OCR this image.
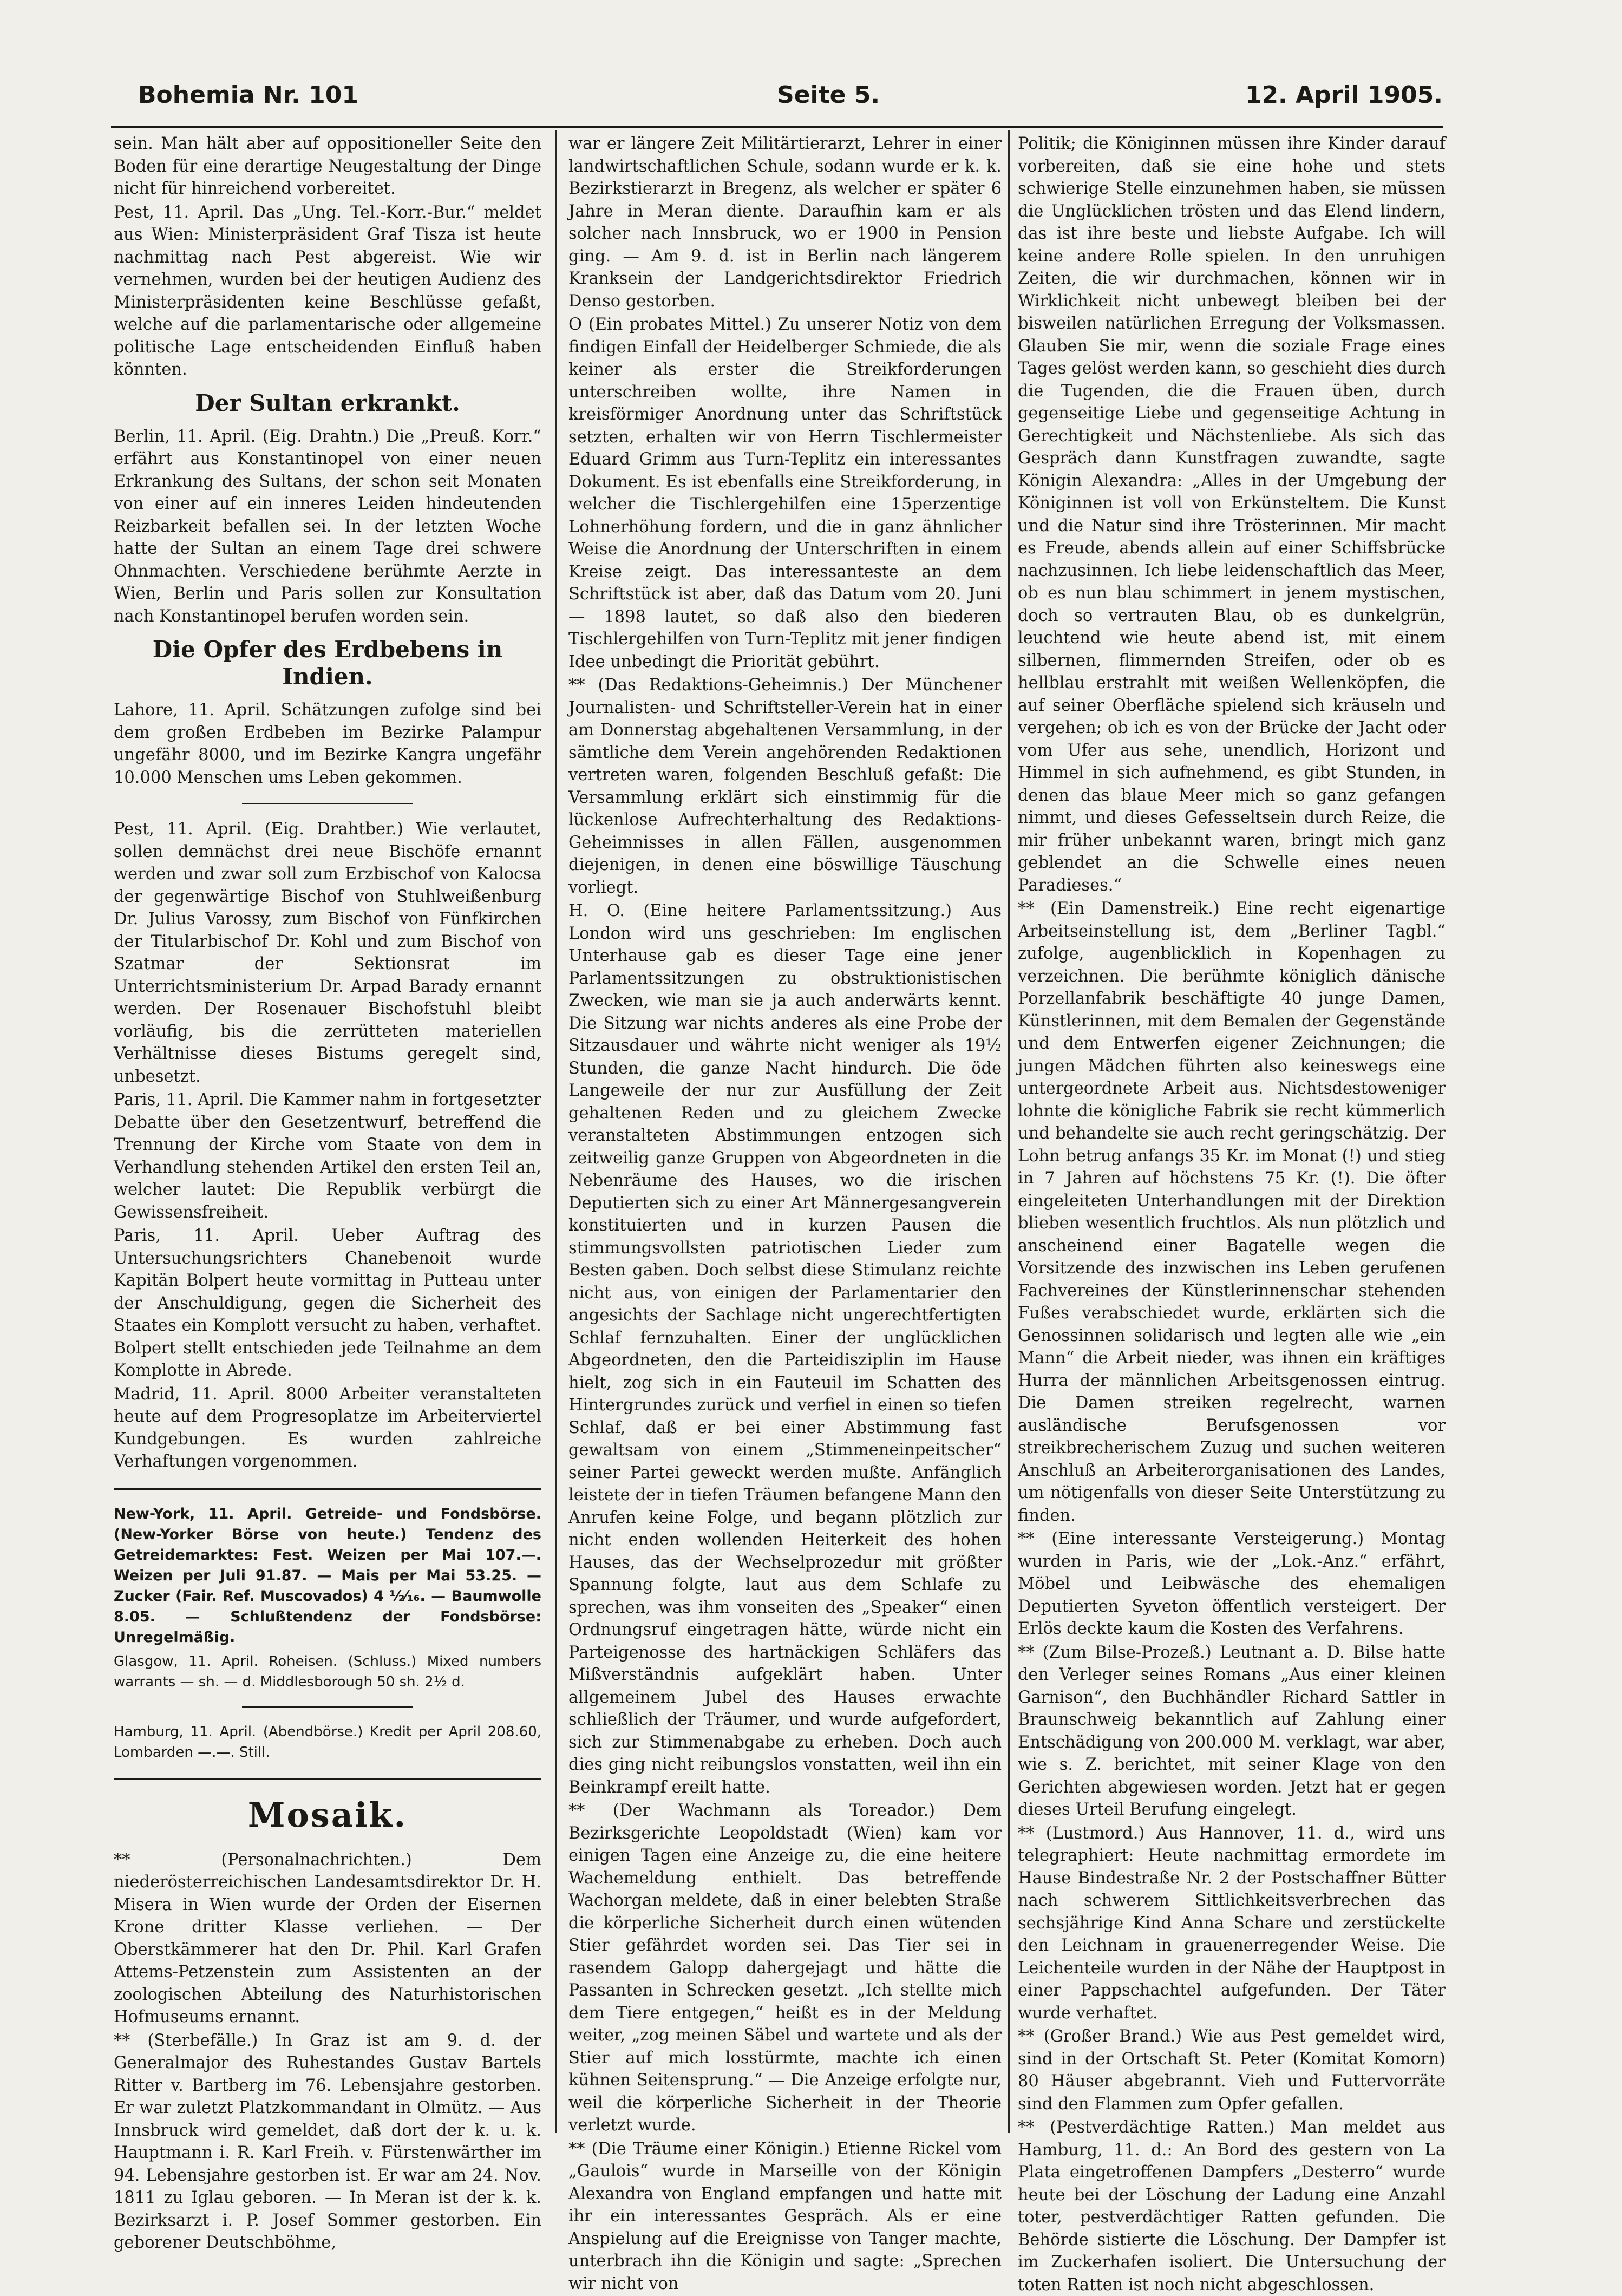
Bohemia Nr. 101	Seite 5.	12. April 1905.

sein. Man hält aber auf oppositioneller Seite den Boden für eine derartige Neugestaltung der Dinge nicht für hinreichend vorbereitet.

Pest, 11. April. Das „Ung. Tel.-Korr.-Bur.“ meldet aus Wien: Ministerpräsident Graf Tisza ist heute nachmittag nach Pest abgereist. Wie wir vernehmen, wurden bei der heutigen Audienz des Ministerpräsidenten keine Beschlüsse gefaßt, welche auf die parlamentarische oder allgemeine politische Lage entscheidenden Einfluß haben könnten.

Der Sultan erkrankt.

Berlin, 11. April. (Eig. Drahtn.) Die „Preuß. Korr.“ erfährt aus Konstantinopel von einer neuen Erkrankung des Sultans, der schon seit Monaten von einer auf ein inneres Leiden hindeutenden Reizbarkeit befallen sei. In der letzten Woche hatte der Sultan an einem Tage drei schwere Ohnmachten. Verschiedene berühmte Aerzte in Wien, Berlin und Paris sollen zur Konsultation nach Konstantinopel berufen worden sein.

Die Opfer des Erdbebens in Indien.

Lahore, 11. April. Schätzungen zufolge sind bei dem großen Erdbeben im Bezirke Palampur ungefähr 8000, und im Bezirke Kangra ungefähr 10.000 Menschen ums Leben gekommen.

Pest, 11. April. (Eig. Drahtber.) Wie verlautet, sollen demnächst drei neue Bischöfe ernannt werden und zwar soll zum Erzbischof von Kalocsa der gegenwärtige Bischof von Stuhlweißenburg Dr. Julius Varossy, zum Bischof von Fünfkirchen der Titularbischof Dr. Kohl und zum Bischof von Szatmar der Sektionsrat im Unterrichtsministerium Dr. Arpad Barady ernannt werden. Der Rosenauer Bischofstuhl bleibt vorläufig, bis die zerrütteten materiellen Verhältnisse dieses Bistums geregelt sind, unbesetzt.

Paris, 11. April. Die Kammer nahm in fortgesetzter Debatte über den Gesetzentwurf, betreffend die Trennung der Kirche vom Staate von dem in Verhandlung stehenden Artikel den ersten Teil an, welcher lautet: Die Republik verbürgt die Gewissensfreiheit.

Paris, 11. April. Ueber Auftrag des Untersuchungsrichters Chanebenoit wurde Kapitän Bolpert heute vormittag in Putteau unter der Anschuldigung, gegen die Sicherheit des Staates ein Komplott versucht zu haben, verhaftet. Bolpert stellt entschieden jede Teilnahme an dem Komplotte in Abrede.

Madrid, 11. April. 8000 Arbeiter veranstalteten heute auf dem Progresoplatze im Arbeiterviertel Kundgebungen. Es wurden zahlreiche Verhaftungen vorgenommen.

New-York, 11. April. Getreide- und Fondsbörse. (New-Yorker Börse von heute.) Tendenz des Getreidemarktes: Fest. Weizen per Mai 107.—. Weizen per Juli 91.87. — Mais per Mai 53.25. — Zucker (Fair. Ref. Muscovados) 4 ½⁄₁₆. — Baumwolle 8.05. — Schlußtendenz der Fondsbörse: Unregelmäßig.

Glasgow, 11. April. Roheisen. (Schluss.) Mixed numbers warrants — sh. — d. Middlesborough 50 sh. 2½ d.

Hamburg, 11. April. (Abendbörse.) Kredit per April 208.60, Lombarden —.—. Still.

Mosaik.

** (Personalnachrichten.) Dem niederösterreichischen Landesamtsdirektor Dr. H. Misera in Wien wurde der Orden der Eisernen Krone dritter Klasse verliehen. — Der Oberstkämmerer hat den Dr. Phil. Karl Grafen Attems-Petzenstein zum Assistenten an der zoologischen Abteilung des Naturhistorischen Hofmuseums ernannt.

** (Sterbefälle.) In Graz ist am 9. d. der Generalmajor des Ruhestandes Gustav Bartels Ritter v. Bartberg im 76. Lebensjahre gestorben. Er war zuletzt Platzkommandant in Olmütz. — Aus Innsbruck wird gemeldet, daß dort der k. u. k. Hauptmann i. R. Karl Freih. v. Fürstenwärther im 94. Lebensjahre gestorben ist. Er war am 24. Nov. 1811 zu Iglau geboren. — In Meran ist der k. k. Bezirksarzt i. P. Josef Sommer gestorben. Ein geborener Deutschböhme,

war er längere Zeit Militärtierarzt, Lehrer in einer landwirtschaftlichen Schule, sodann wurde er k. k. Bezirkstierarzt in Bregenz, als welcher er später 6 Jahre in Meran diente. Daraufhin kam er als solcher nach Innsbruck, wo er 1900 in Pension ging. — Am 9. d. ist in Berlin nach längerem Kranksein der Landgerichtsdirektor Friedrich Denso gestorben.

O (Ein probates Mittel.) Zu unserer Notiz von dem findigen Einfall der Heidelberger Schmiede, die als keiner als erster die Streikforderungen unterschreiben wollte, ihre Namen in kreisförmiger Anordnung unter das Schriftstück setzten, erhalten wir von Herrn Tischlermeister Eduard Grimm aus Turn-Teplitz ein interessantes Dokument. Es ist ebenfalls eine Streikforderung, in welcher die Tischlergehilfen eine 15perzentige Lohnerhöhung fordern, und die in ganz ähnlicher Weise die Anordnung der Unterschriften in einem Kreise zeigt. Das interessanteste an dem Schriftstück ist aber, daß das Datum vom 20. Juni — 1898 lautet, so daß also den biederen Tischlergehilfen von Turn-Teplitz mit jener findigen Idee unbedingt die Priorität gebührt.

** (Das Redaktions-Geheimnis.) Der Münchener Journalisten- und Schriftsteller-Verein hat in einer am Donnerstag abgehaltenen Versammlung, in der sämtliche dem Verein angehörenden Redaktionen vertreten waren, folgenden Beschluß gefaßt: Die Versammlung erklärt sich einstimmig für die lückenlose Aufrechterhaltung des Redaktions-Geheimnisses in allen Fällen, ausgenommen diejenigen, in denen eine böswillige Täuschung vorliegt.

H. O. (Eine heitere Parlamentssitzung.) Aus London wird uns geschrieben: Im englischen Unterhause gab es dieser Tage eine jener Parlamentssitzungen zu obstruktionistischen Zwecken, wie man sie ja auch anderwärts kennt. Die Sitzung war nichts anderes als eine Probe der Sitzausdauer und währte nicht weniger als 19½ Stunden, die ganze Nacht hindurch. Die öde Langeweile der nur zur Ausfüllung der Zeit gehaltenen Reden und zu gleichem Zwecke veranstalteten Abstimmungen entzogen sich zeitweilig ganze Gruppen von Abgeordneten in die Nebenräume des Hauses, wo die irischen Deputierten sich zu einer Art Männergesangverein konstituierten und in kurzen Pausen die stimmungsvollsten patriotischen Lieder zum Besten gaben. Doch selbst diese Stimulanz reichte nicht aus, von einigen der Parlamentarier den angesichts der Sachlage nicht ungerechtfertigten Schlaf fernzuhalten. Einer der unglücklichen Abgeordneten, den die Parteidisziplin im Hause hielt, zog sich in ein Fauteuil im Schatten des Hintergrundes zurück und verfiel in einen so tiefen Schlaf, daß er bei einer Abstimmung fast gewaltsam von einem „Stimmeneinpeitscher“ seiner Partei geweckt werden mußte. Anfänglich leistete der in tiefen Träumen befangene Mann den Anrufen keine Folge, und begann plötzlich zur nicht enden wollenden Heiterkeit des hohen Hauses, das der Wechselprozedur mit größter Spannung folgte, laut aus dem Schlafe zu sprechen, was ihm vonseiten des „Speaker“ einen Ordnungsruf eingetragen hätte, würde nicht ein Parteigenosse des hartnäckigen Schläfers das Mißverständnis aufgeklärt haben. Unter allgemeinem Jubel des Hauses erwachte schließlich der Träumer, und wurde aufgefordert, sich zur Stimmenabgabe zu erheben. Doch auch dies ging nicht reibungslos vonstatten, weil ihn ein Beinkrampf ereilt hatte.

** (Der Wachmann als Toreador.) Dem Bezirksgerichte Leopoldstadt (Wien) kam vor einigen Tagen eine Anzeige zu, die eine heitere Wachemeldung enthielt. Das betreffende Wachorgan meldete, daß in einer belebten Straße die körperliche Sicherheit durch einen wütenden Stier gefährdet worden sei. Das Tier sei in rasendem Galopp dahergejagt und hätte die Passanten in Schrecken gesetzt. „Ich stellte mich dem Tiere entgegen,“ heißt es in der Meldung weiter, „zog meinen Säbel und wartete und als der Stier auf mich losstürmte, machte ich einen kühnen Seitensprung.“ — Die Anzeige erfolgte nur, weil die körperliche Sicherheit in der Theorie verletzt wurde.

** (Die Träume einer Königin.) Etienne Rickel vom „Gaulois“ wurde in Marseille von der Königin Alexandra von England empfangen und hatte mit ihr ein interessantes Gespräch. Als er eine Anspielung auf die Ereignisse von Tanger machte, unterbrach ihn die Königin und sagte: „Sprechen wir nicht von

Politik; die Königinnen müssen ihre Kinder darauf vorbereiten, daß sie eine hohe und stets schwierige Stelle einzunehmen haben, sie müssen die Unglücklichen trösten und das Elend lindern, das ist ihre beste und liebste Aufgabe. Ich will keine andere Rolle spielen. In den unruhigen Zeiten, die wir durchmachen, können wir in Wirklichkeit nicht unbewegt bleiben bei der bisweilen natürlichen Erregung der Volksmassen. Glauben Sie mir, wenn die soziale Frage eines Tages gelöst werden kann, so geschieht dies durch die Tugenden, die die Frauen üben, durch gegenseitige Liebe und gegenseitige Achtung in Gerechtigkeit und Nächstenliebe. Als sich das Gespräch dann Kunstfragen zuwandte, sagte Königin Alexandra: „Alles in der Umgebung der Königinnen ist voll von Erkünsteltem. Die Kunst und die Natur sind ihre Trösterinnen. Mir macht es Freude, abends allein auf einer Schiffsbrücke nachzusinnen. Ich liebe leidenschaftlich das Meer, ob es nun blau schimmert in jenem mystischen, doch so vertrauten Blau, ob es dunkelgrün, leuchtend wie heute abend ist, mit einem silbernen, flimmernden Streifen, oder ob es hellblau erstrahlt mit weißen Wellenköpfen, die auf seiner Oberfläche spielend sich kräuseln und vergehen; ob ich es von der Brücke der Jacht oder vom Ufer aus sehe, unendlich, Horizont und Himmel in sich aufnehmend, es gibt Stunden, in denen das blaue Meer mich so ganz gefangen nimmt, und dieses Gefesseltsein durch Reize, die mir früher unbekannt waren, bringt mich ganz geblendet an die Schwelle eines neuen Paradieses.“

** (Ein Damenstreik.) Eine recht eigenartige Arbeitseinstellung ist, dem „Berliner Tagbl.“ zufolge, augenblicklich in Kopenhagen zu verzeichnen. Die berühmte königlich dänische Porzellanfabrik beschäftigte 40 junge Damen, Künstlerinnen, mit dem Bemalen der Gegenstände und dem Entwerfen eigener Zeichnungen; die jungen Mädchen führten also keineswegs eine untergeordnete Arbeit aus. Nichtsdestoweniger lohnte die königliche Fabrik sie recht kümmerlich und behandelte sie auch recht geringschätzig. Der Lohn betrug anfangs 35 Kr. im Monat (!) und stieg in 7 Jahren auf höchstens 75 Kr. (!). Die öfter eingeleiteten Unterhandlungen mit der Direktion blieben wesentlich fruchtlos. Als nun plötzlich und anscheinend einer Bagatelle wegen die Vorsitzende des inzwischen ins Leben gerufenen Fachvereines der Künstlerinnenschar stehenden Fußes verabschiedet wurde, erklärten sich die Genossinnen solidarisch und legten alle wie „ein Mann“ die Arbeit nieder, was ihnen ein kräftiges Hurra der männlichen Arbeitsgenossen eintrug. Die Damen streiken regelrecht, warnen ausländische Berufsgenossen vor streikbrecherischem Zuzug und suchen weiteren Anschluß an Arbeiterorganisationen des Landes, um nötigenfalls von dieser Seite Unterstützung zu finden.

** (Eine interessante Versteigerung.) Montag wurden in Paris, wie der „Lok.-Anz.“ erfährt, Möbel und Leibwäsche des ehemaligen Deputierten Syveton öffentlich versteigert. Der Erlös deckte kaum die Kosten des Verfahrens.

** (Zum Bilse-Prozeß.) Leutnant a. D. Bilse hatte den Verleger seines Romans „Aus einer kleinen Garnison“, den Buchhändler Richard Sattler in Braunschweig bekanntlich auf Zahlung einer Entschädigung von 200.000 M. verklagt, war aber, wie s. Z. berichtet, mit seiner Klage von den Gerichten abgewiesen worden. Jetzt hat er gegen dieses Urteil Berufung eingelegt.

** (Lustmord.) Aus Hannover, 11. d., wird uns telegraphiert: Heute nachmittag ermordete im Hause Bindestraße Nr. 2 der Postschaffner Bütter nach schwerem Sittlichkeitsverbrechen das sechsjährige Kind Anna Schare und zerstückelte den Leichnam in grauenerregender Weise. Die Leichenteile wurden in der Nähe der Hauptpost in einer Pappschachtel aufgefunden. Der Täter wurde verhaftet.

** (Großer Brand.) Wie aus Pest gemeldet wird, sind in der Ortschaft St. Peter (Komitat Komorn) 80 Häuser abgebrannt. Vieh und Futtervorräte sind den Flammen zum Opfer gefallen.

** (Pestverdächtige Ratten.) Man meldet aus Hamburg, 11. d.: An Bord des gestern von La Plata eingetroffenen Dampfers „Desterro“ wurde heute bei der Löschung der Ladung eine Anzahl toter, pestverdächtiger Ratten gefunden. Die Behörde sistierte die Löschung. Der Dampfer ist im Zuckerhafen isoliert. Die Untersuchung der toten Ratten ist noch nicht abgeschlossen.
